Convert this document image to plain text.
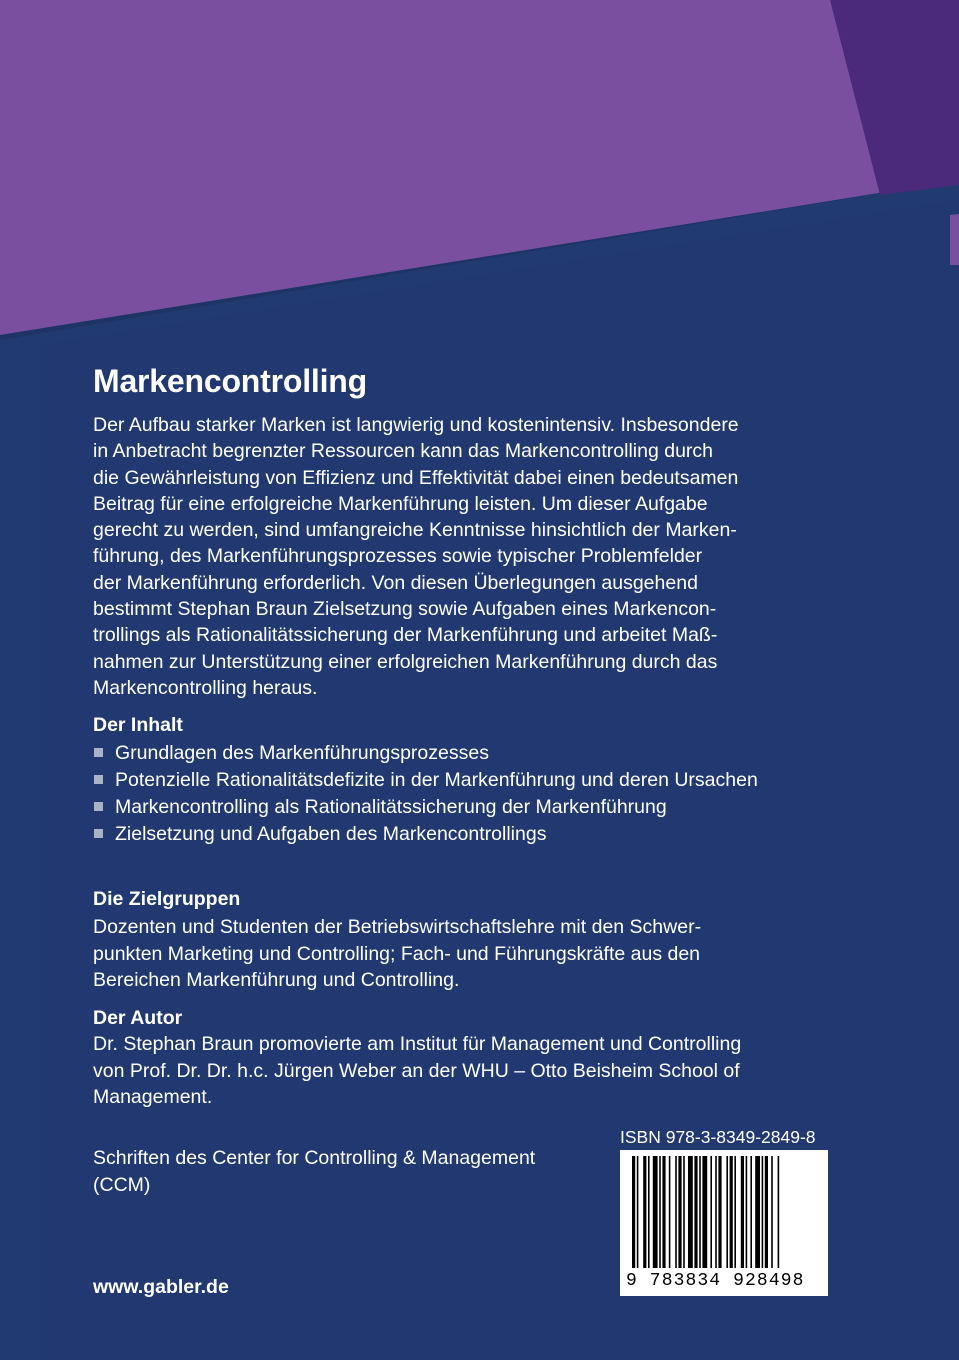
Markencontrolling

Der Aufbau starker Marken ist langwierig und kostenintensiv. Insbesondere
in Anbetracht begrenzter Ressourcen kann das Markencontrolling durch
die Gewährleistung von Effizienz und Effektivität dabei einen bedeutsamen
Beitrag für eine erfolgreiche Markenführung leisten. Um dieser Aufgabe
gerecht zu werden, sind umfangreiche Kenntnisse hinsichtlich der Marken-
führung, des Markenführungsprozesses sowie typischer Problemfelder
der Markenführung erforderlich. Von diesen Überlegungen ausgehend
bestimmt Stephan Braun Zielsetzung sowie Aufgaben eines Markencon-
trollings als Rationalitätssicherung der Markenführung und arbeitet Maß-
nahmen zur Unterstützung einer erfolgreichen Markenführung durch das
Markencontrolling heraus.

Der Inhalt

Grundlagen des Markenführungsprozesses
Potenzielle Rationalitätsdefizite in der Markenführung und deren Ursachen
Markencontrolling als Rationalitätssicherung der Markenführung
Zielsetzung und Aufgaben des Markencontrollings

Die Zielgruppen

Dozenten und Studenten der Betriebswirtschaftslehre mit den Schwer-
punkten Marketing und Controlling; Fach- und Führungskräfte aus den
Bereichen Markenführung und Controlling.

Der Autor

Dr. Stephan Braun promovierte am Institut für Management und Controlling
von Prof. Dr. Dr. h.c. Jürgen Weber an der WHU – Otto Beisheim School of
Management.

Schriften des Center for Controlling & Management
(CCM)

www.gabler.de

ISBN 978-3-8349-2849-8

9 783834 928498
